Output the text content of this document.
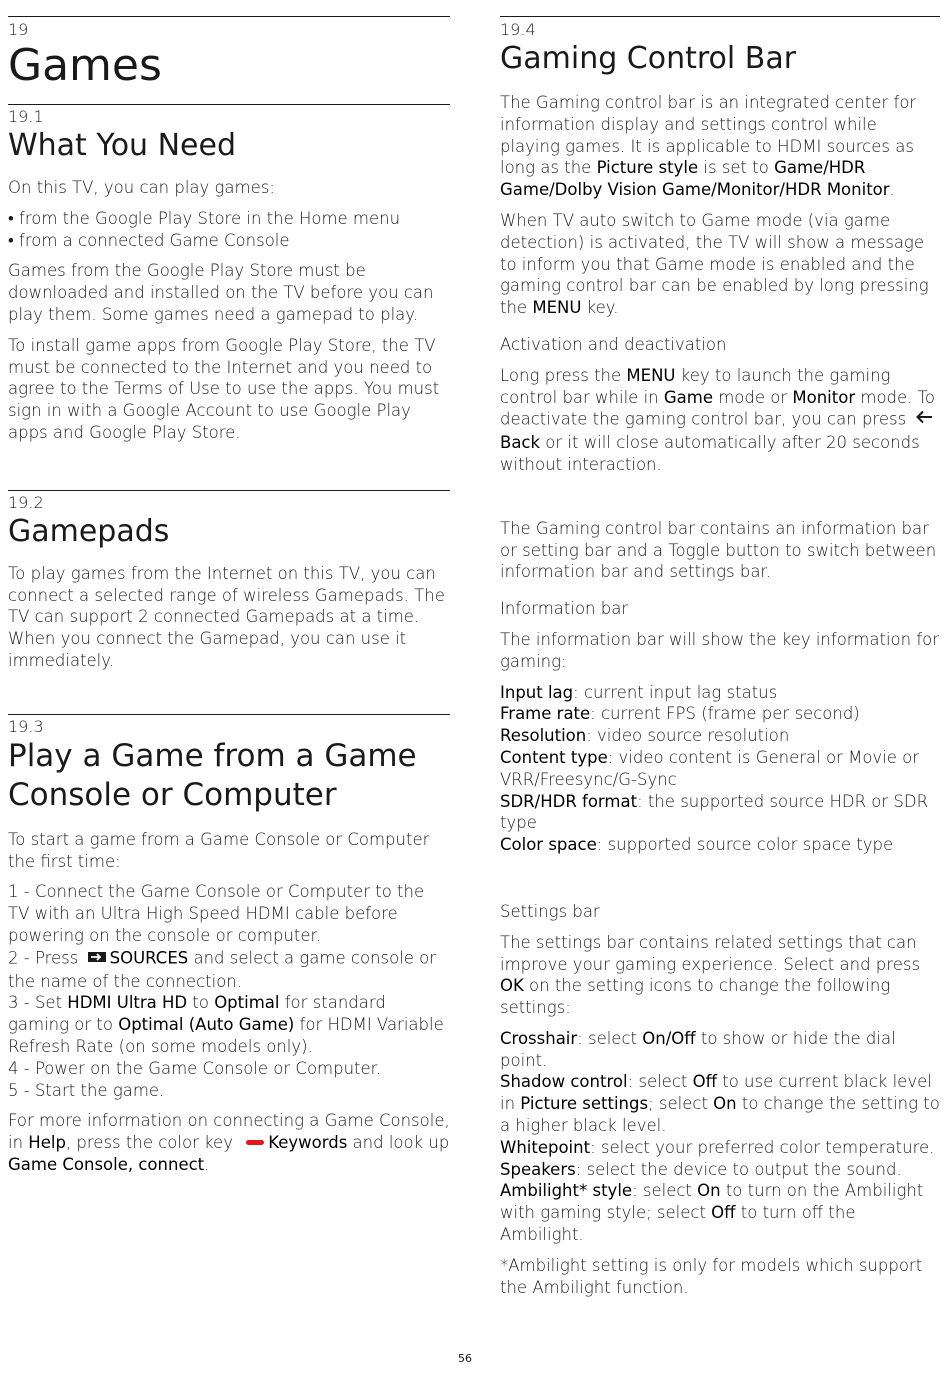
19
Games
19.1
What You Need

On this TV, you can play games:

• from the Google Play Store in the Home menu

• from a connected Game Console

Games from the Google Play Store must be downloaded and installed on the TV before you can play them. Some games need a gamepad to play.

To install game apps from Google Play Store, the TV must be connected to the Internet and you need to agree to the Terms of Use to use the apps. You must sign in with a Google Account to use Google Play apps and Google Play Store.

19.2
Gamepads

To play games from the Internet on this TV, you can connect a selected range of wireless Gamepads. The TV can support 2 connected Gamepads at a time. When you connect the Gamepad, you can use it immediately.

19.3
Play a Game from a Game
Console or Computer

To start a game from a Game Console or Computer the first time:

1 - Connect the Game Console or Computer to the TV with an Ultra High Speed HDMI cable before powering on the console or computer.

2 - Press SOURCES and select a game console or the name of the connection.

3 - Set HDMI Ultra HD to Optimal for standard gaming or to Optimal (Auto Game) for HDMI Variable Refresh Rate (on some models only).

4 - Power on the Game Console or Computer.

5 - Start the game.

For more information on connecting a Game Console, in Help, press the color key Keywords and look up Game Console, connect.

19.4
Gaming Control Bar

The Gaming control bar is an integrated center for information display and settings control while playing games. It is applicable to HDMI sources as long as the Picture style is set to Game/HDR Game/Dolby Vision Game/Monitor/HDR Monitor.

When TV auto switch to Game mode (via game detection) is activated, the TV will show a message to inform you that Game mode is enabled and the gaming control bar can be enabled by long pressing the MENU key.

Activation and deactivation

Long press the MENU key to launch the gaming control bar while in Game mode or Monitor mode. To deactivate the gaming control bar, you can press Back or it will close automatically after 20 seconds without interaction.

The Gaming control bar contains an information bar or setting bar and a Toggle button to switch between information bar and settings bar.

Information bar

The information bar will show the key information for gaming:

Input lag: current input lag status

Frame rate: current FPS (frame per second)

Resolution: video source resolution

Content type: video content is General or Movie or VRR/Freesync/G-Sync

SDR/HDR format: the supported source HDR or SDR type

Color space: supported source color space type

Settings bar

The settings bar contains related settings that can improve your gaming experience. Select and press OK on the setting icons to change the following settings:

Crosshair: select On/Off to show or hide the dial point.

Shadow control: select Off to use current black level in Picture settings; select On to change the setting to a higher black level.

Whitepoint: select your preferred color temperature.

Speakers: select the device to output the sound.

Ambilight* style: select On to turn on the Ambilight with gaming style; select Off to turn off the Ambilight.

*Ambilight setting is only for models which support the Ambilight function.

56
